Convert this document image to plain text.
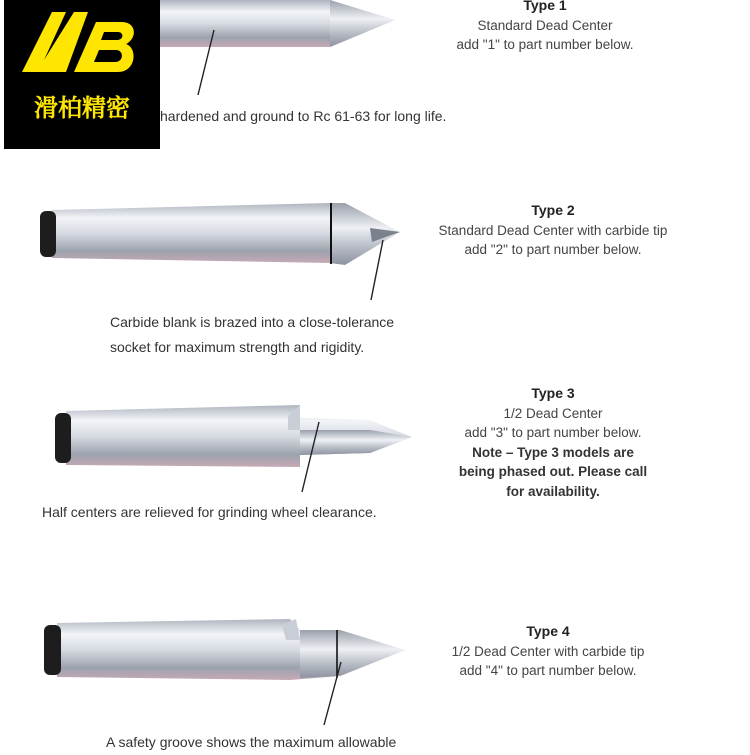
滑柏精密
Type 1
Standard Dead Center
add "1" to part number below.
hardened and ground to Rc 61-63 for long life.
Type 2
Standard Dead Center with carbide tip
add "2" to part number below.
Carbide blank is brazed into a close-tolerance
socket for maximum strength and rigidity.
Type 3
1/2 Dead Center
add "3" to part number below.
Note – Type 3 models are
being phased out. Please call
for availability.
Half centers are relieved for grinding wheel clearance.
Type 4
1/2 Dead Center with carbide tip
add "4" to part number below.
A safety groove shows the maximum allowable
